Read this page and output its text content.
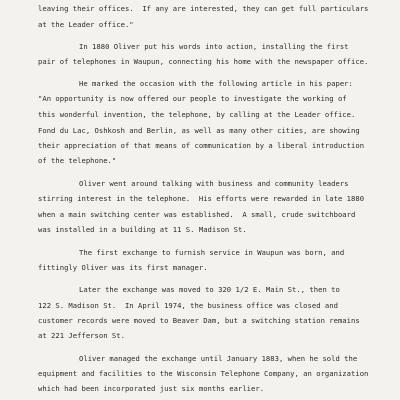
leaving their offices.  If any are interested, they can get full particulars

at the Leader office."

In 1880 Oliver put his words into action, installing the first

pair of telephones in Waupun, connecting his home with the newspaper office.

He marked the occasion with the following article in his paper:

"An opportunity is now offered our people to investigate the working of

this wonderful invention, the telephone, by calling at the Leader office.

Fond du Lac, Oshkosh and Berlin, as well as many other cities, are showing

their appreciation of that means of communication by a liberal introduction

of the telephone."

Oliver went around talking with business and community leaders

stirring interest in the telephone.  His efforts were rewarded in late 1880

when a main switching center was established.  A small, crude switchboard

was installed in a building at 11 S. Madison St.

The first exchange to furnish service in Waupun was born, and

fittingly Oliver was its first manager.

Later the exchange was moved to 320 1/2 E. Main St., then to

122 S. Madison St.  In April 1974, the business office was closed and

customer records were moved to Beaver Dam, but a switching station remains

at 221 Jefferson St.

Oliver managed the exchange until January 1883, when he sold the

equipment and facilities to the Wisconsin Telephone Company, an organization

which had been incorporated just six months earlier.
